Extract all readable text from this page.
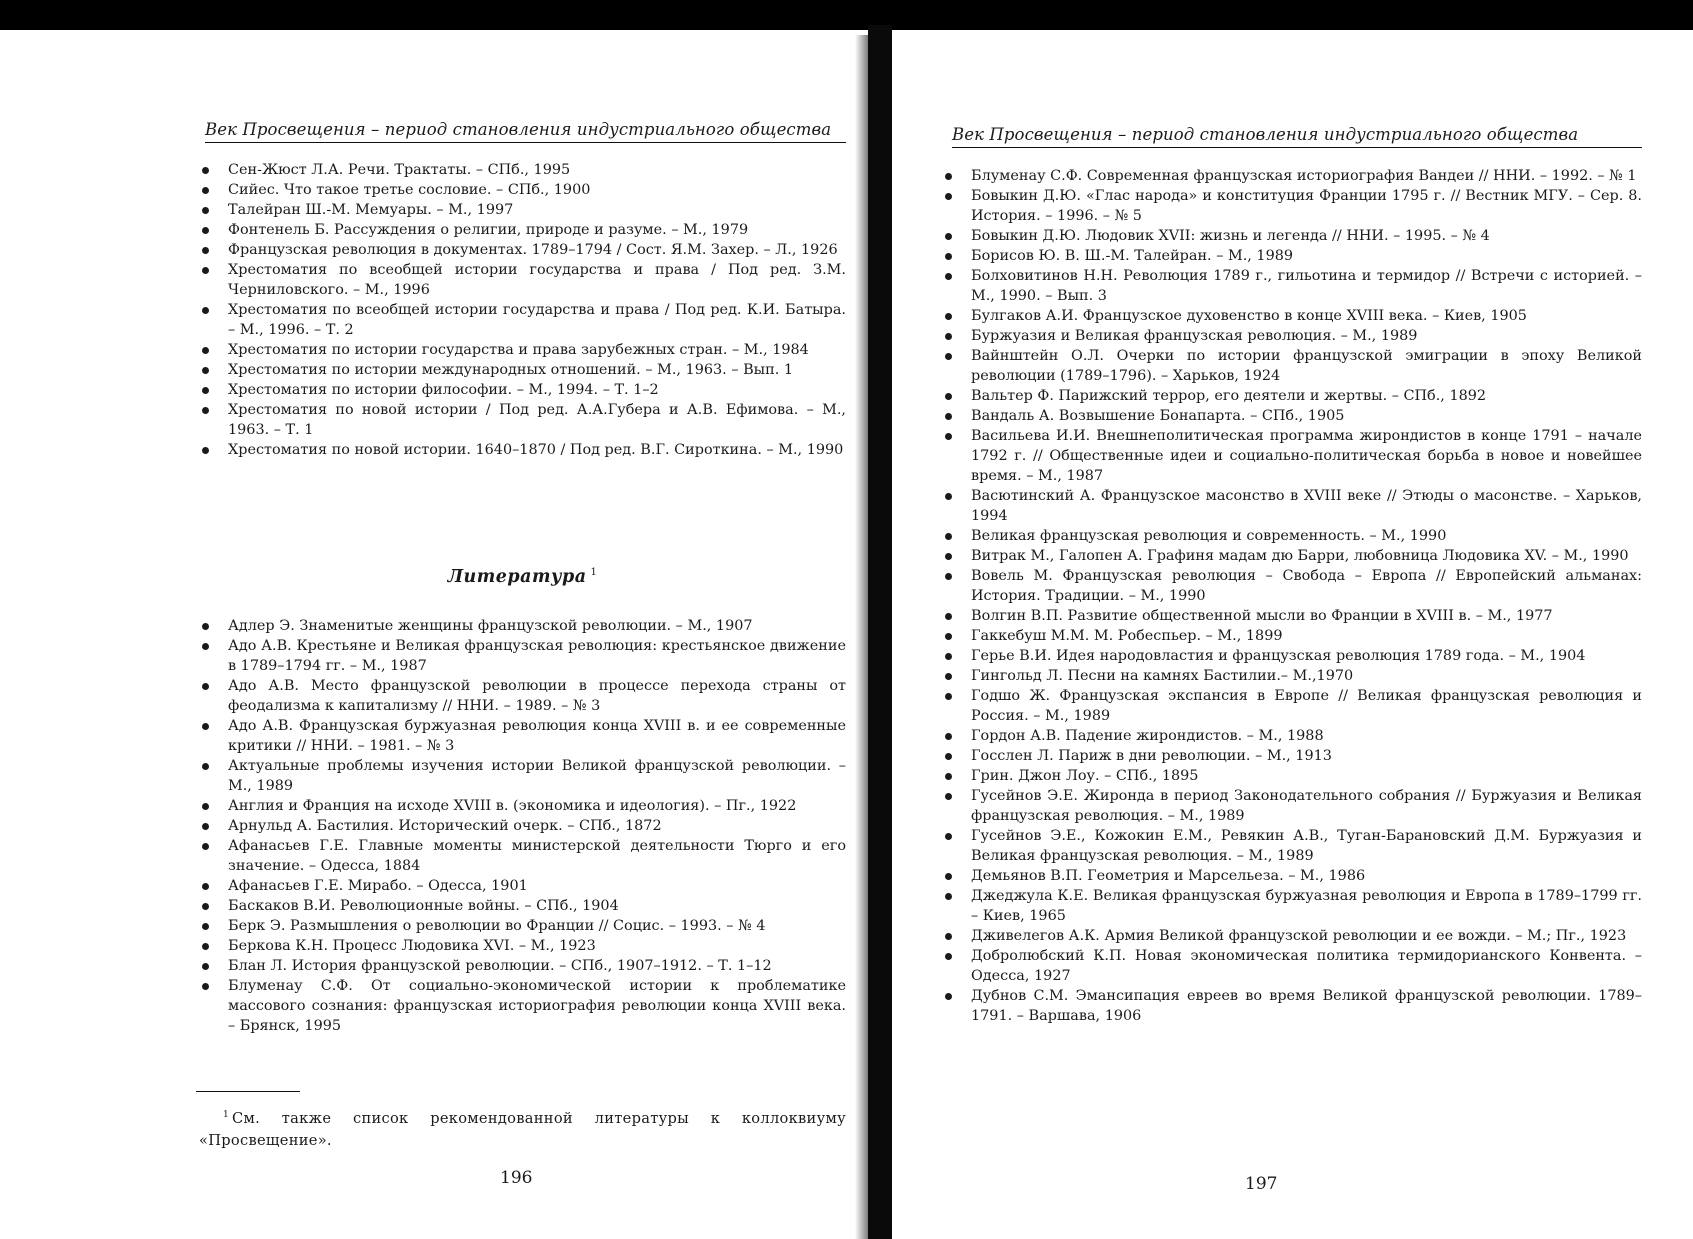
Век Просвещения – период становления индустриального общества
Сен-Жюст Л.А. Речи. Трактаты. – СПб., 1995
Сийес. Что такое третье сословие. – СПб., 1900
Талейран Ш.-М. Мемуары. – М., 1997
Фонтенель Б. Рассуждения о религии, природе и разуме. – М., 1979
Французская революция в документах. 1789–1794 / Сост. Я.М. Захер. – Л., 1926
Хрестоматия по всеобщей истории государства и права / Под ред. З.М. Черниловского. – М., 1996
Хрестоматия по всеобщей истории государства и права / Под ред. К.И. Батыра. – М., 1996. – Т. 2
Хрестоматия по истории государства и права зарубежных стран. – М., 1984
Хрестоматия по истории международных отношений. – М., 1963. – Вып. 1
Хрестоматия по истории философии. – М., 1994. – Т. 1–2
Хрестоматия по новой истории / Под ред. А.А.Губера и А.В. Ефимова. – М., 1963. – Т. 1
Хрестоматия по новой истории. 1640–1870 / Под ред. В.Г. Сироткина. – М., 1990
Литература $^1$
Адлер Э. Знаменитые женщины французской революции. – М., 1907
Адо А.В. Крестьяне и Великая французская революция: крестьянское движение в 1789–1794 гг. – М., 1987
Адо А.В. Место французской революции в процессе перехода страны от феодализма к капитализму // ННИ. – 1989. – № 3
Адо А.В. Французская буржуазная революция конца XVIII в. и ее современные критики // ННИ. – 1981. – № 3
Актуальные проблемы изучения истории Великой французской революции. – М., 1989
Англия и Франция на исходе XVIII в. (экономика и идеология). – Пг., 1922
Арнульд А. Бастилия. Исторический очерк. – СПб., 1872
Афанасьев Г.Е. Главные моменты министерской деятельности Тюрго и его значение. – Одесса, 1884
Афанасьев Г.Е. Мирабо. – Одесса, 1901
Баскаков В.И. Революционные войны. – СПб., 1904
Берк Э. Размышления о революции во Франции // Социс. – 1993. – № 4
Беркова К.Н. Процесс Людовика XVI. – М., 1923
Блан Л. История французской революции. – СПб., 1907–1912. – Т. 1–12
Блуменау С.Ф. От социально-экономической истории к проблематике массового сознания: французская историография революции конца XVIII века. – Брянск, 1995
$^1$ См. также список рекомендованной литературы к коллоквиуму «Просвещение».
196
Век Просвещения – период становления индустриального общества
Блуменау С.Ф. Современная французская историография Вандеи // ННИ. – 1992. – № 1
Бовыкин Д.Ю. «Глас народа» и конституция Франции 1795 г. // Вестник МГУ. – Сер. 8. История. – 1996. – № 5
Бовыкин Д.Ю. Людовик XVII: жизнь и легенда // ННИ. – 1995. – № 4
Борисов Ю. В. Ш.-М. Талейран. – М., 1989
Болховитинов Н.Н. Революция 1789 г., гильотина и термидор // Встречи с историей. – М., 1990. – Вып. 3
Булгаков А.И. Французское духовенство в конце XVIII века. – Киев, 1905
Буржуазия и Великая французская революция. – М., 1989
Вайнштейн О.Л. Очерки по истории французской эмиграции в эпоху Великой революции (1789–1796). – Харьков, 1924
Вальтер Ф. Парижский террор, его деятели и жертвы. – СПб., 1892
Вандаль А. Возвышение Бонапарта. – СПб., 1905
Васильева И.И. Внешнеполитическая программа жирондистов в конце 1791 – начале 1792 г. // Общественные идеи и социально-политическая борьба в новое и новейшее время. – М., 1987
Васютинский А. Французское масонство в XVIII веке // Этюды о масонстве. – Харьков, 1994
Великая французская революция и современность. – М., 1990
Витрак М., Галопен А. Графиня мадам дю Барри, любовница Людовика XV. – М., 1990
Вовель М. Французская революция – Свобода – Европа // Европейский альманах: История. Традиции. – М., 1990
Волгин В.П. Развитие общественной мысли во Франции в XVIII в. – М., 1977
Гаккебуш М.М. М. Робеспьер. – М., 1899
Герье В.И. Идея народовластия и французская революция 1789 года. – М., 1904
Гингольд Л. Песни на камнях Бастилии.– М.,1970
Годшо Ж. Французская экспансия в Европе // Великая французская революция и Россия. – М., 1989
Гордон А.В. Падение жирондистов. – М., 1988
Госслен Л. Париж в дни революции. – М., 1913
Грин. Джон Лоу. – СПб., 1895
Гусейнов Э.Е. Жиронда в период Законодательного собрания // Буржуазия и Великая французская революция. – М., 1989
Гусейнов Э.Е., Кожокин Е.М., Ревякин А.В., Туган-Барановский Д.М. Буржуазия и Великая французская революция. – М., 1989
Демьянов В.П. Геометрия и Марсельеза. – М., 1986
Джеджула К.Е. Великая французская буржуазная революция и Европа в 1789–1799 гг. – Киев, 1965
Дживелегов А.К. Армия Великой французской революции и ее вожди. – М.; Пг., 1923
Добролюбский К.П. Новая экономическая политика термидорианского Конвента. – Одесса, 1927
Дубнов С.М. Эмансипация евреев во время Великой французской революции. 1789–1791. – Варшава, 1906
197
